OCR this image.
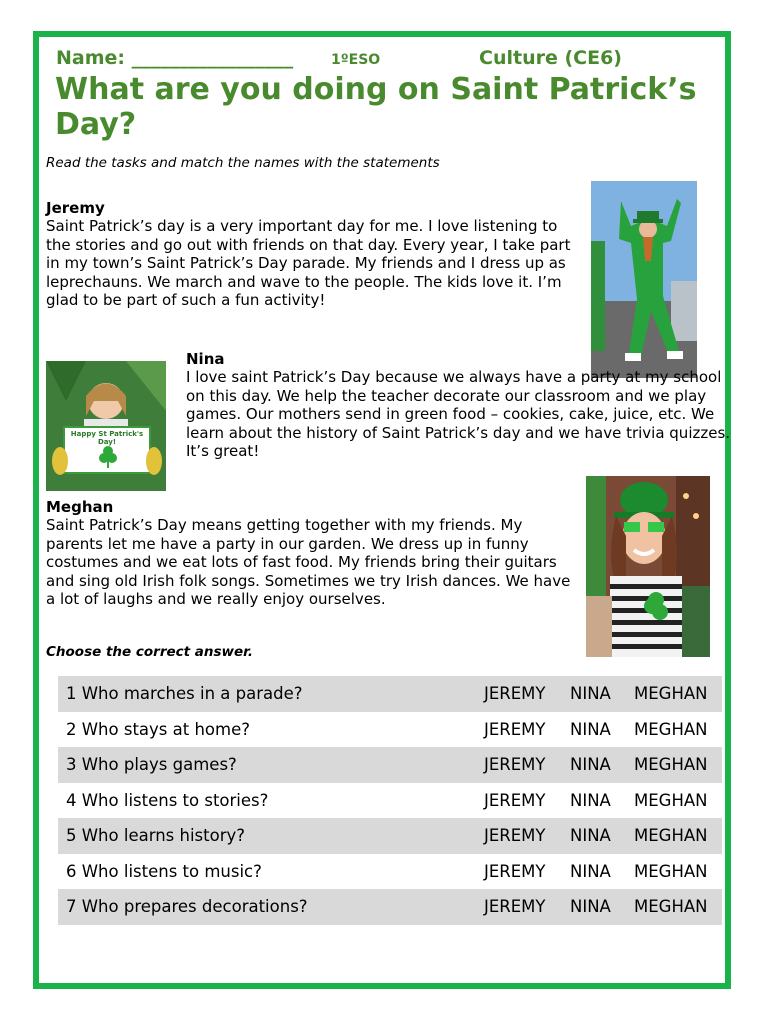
Name: _________________	1ºESO	Culture (CE6)
What are you doing on Saint Patrick’s Day?
Read the tasks and match the names with the statements
Jeremy

Saint Patrick’s day is a very important day for me. I love listening to the stories and go out with friends on that day. Every year, I take part in my town’s Saint Patrick’s Day parade. My friends and I dress up as leprechauns. We march and wave to the people. The kids love it. I’m glad to be part of such a fun activity!

Happy St Patrick's Day!
Nina

I love saint Patrick’s Day because we always have a party at my school on this day. We help the teacher decorate our classroom and we play games. Our mothers send in green food – cookies, cake, juice, etc. We learn about the history of Saint Patrick’s day and we have trivia quizzes. It’s great!

Meghan

Saint Patrick’s Day means getting together with my friends. My parents let me have a party in our garden. We dress up in funny costumes and we eat lots of fast food. My friends bring their guitars and sing old Irish folk songs. Sometimes we try Irish dances. We have a lot of laughs and we really enjoy ourselves.

Choose the correct answer.
1 Who marches in a parade?	JEREMY	NINA	MEGHAN
2 Who stays at home?	JEREMY	NINA	MEGHAN
3 Who plays games?	JEREMY	NINA	MEGHAN
4 Who listens to stories?	JEREMY	NINA	MEGHAN
5 Who learns history?	JEREMY	NINA	MEGHAN
6 Who listens to music?	JEREMY	NINA	MEGHAN
7 Who prepares decorations?	JEREMY	NINA	MEGHAN
